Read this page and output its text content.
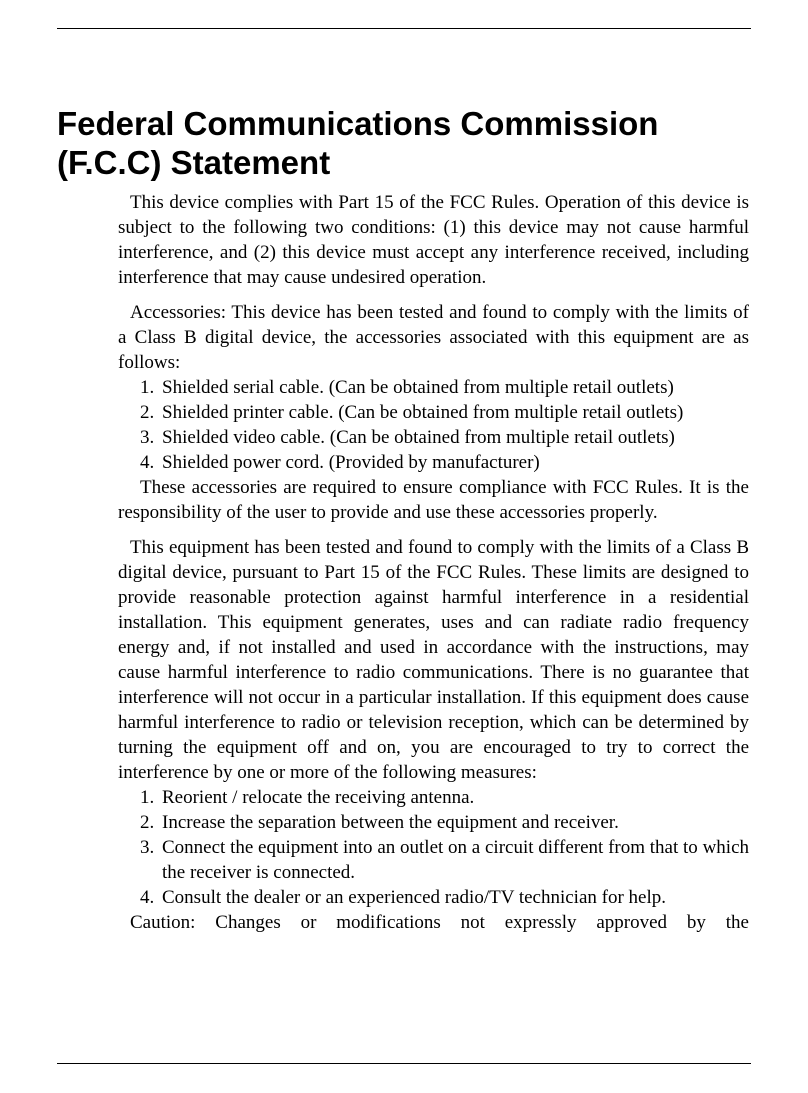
Federal Communications Commission
(F.C.C) Statement

This device complies with Part 15 of the FCC Rules. Operation of this device is subject to the following two conditions: (1) this device may not cause harmful interference, and (2) this device must accept any interference received, including interference that may cause undesired operation.

Accessories: This device has been tested and found to comply with the limits of a Class B digital device, the accessories associated with this equipment are as follows:

1. Shielded serial cable. (Can be obtained from multiple retail outlets)
2. Shielded printer cable. (Can be obtained from multiple retail outlets)
3. Shielded video cable. (Can be obtained from multiple retail outlets)
4. Shielded power cord. (Provided by manufacturer)

These accessories are required to ensure compliance with FCC Rules. It is the responsibility of the user to provide and use these accessories properly.

This equipment has been tested and found to comply with the limits of a Class B digital device, pursuant to Part 15 of the FCC Rules. These limits are designed to provide reasonable protection against harmful interference in a residential installation. This equipment generates, uses and can radiate radio frequency energy and, if not installed and used in accordance with the instructions, may cause harmful interference to radio communications. There is no guarantee that interference will not occur in a particular installation. If this equipment does cause harmful interference to radio or television reception, which can be determined by turning the equipment off and on, you are encouraged to try to correct the interference by one or more of the following measures:

1. Reorient / relocate the receiving antenna.
2. Increase the separation between the equipment and receiver.
3. Connect the equipment into an outlet on a circuit different from that to which the receiver is connected.
4. Consult the dealer or an experienced radio/TV technician for help.

Caution: Changes or modifications not expressly approved by the
